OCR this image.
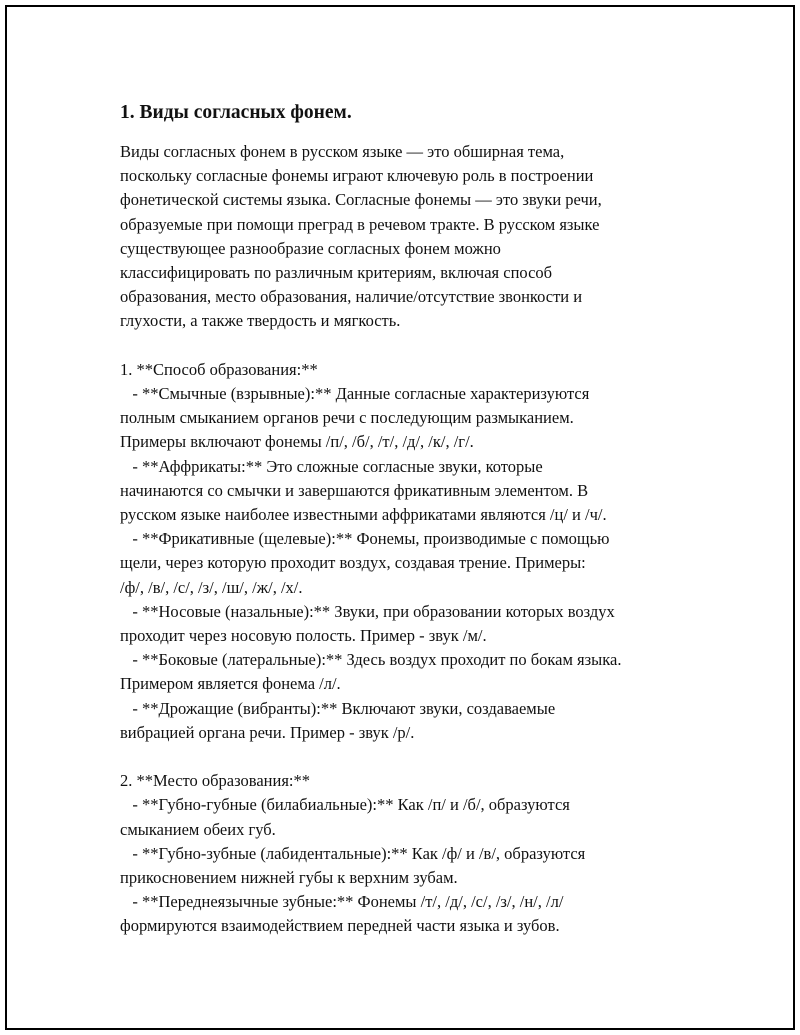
1. Виды согласных фонем.

Виды согласных фонем в русском языке — это обширная тема,
поскольку согласные фонемы играют ключевую роль в построении
фонетической системы языка. Согласные фонемы — это звуки речи,
образуемые при помощи преград в речевом тракте. В русском языке
существующее разнообразие согласных фонем можно
классифицировать по различным критериям, включая способ
образования, место образования, наличие/отсутствие звонкости и
глухости, а также твердость и мягкость.

1. **Способ образования:**
- **Смычные (взрывные):** Данные согласные характеризуются
полным смыканием органов речи с последующим размыканием.
Примеры включают фонемы /п/, /б/, /т/, /д/, /к/, /г/.
- **Аффрикаты:** Это сложные согласные звуки, которые
начинаются со смычки и завершаются фрикативным элементом. В
русском языке наиболее известными аффрикатами являются /ц/ и /ч/.
- **Фрикативные (щелевые):** Фонемы, производимые с помощью
щели, через которую проходит воздух, создавая трение. Примеры:
/ф/, /в/, /с/, /з/, /ш/, /ж/, /х/.
- **Носовые (назальные):** Звуки, при образовании которых воздух
проходит через носовую полость. Пример - звук /м/.
- **Боковые (латеральные):** Здесь воздух проходит по бокам языка.
Примером является фонема /л/.
- **Дрожащие (вибранты):** Включают звуки, создаваемые
вибрацией органа речи. Пример - звук /р/.

2. **Место образования:**
- **Губно-губные (билабиальные):** Как /п/ и /б/, образуются
смыканием обеих губ.
- **Губно-зубные (лабидентальные):** Как /ф/ и /в/, образуются
прикосновением нижней губы к верхним зубам.
- **Переднеязычные зубные:** Фонемы /т/, /д/, /с/, /з/, /н/, /л/
формируются взаимодействием передней части языка и зубов.
